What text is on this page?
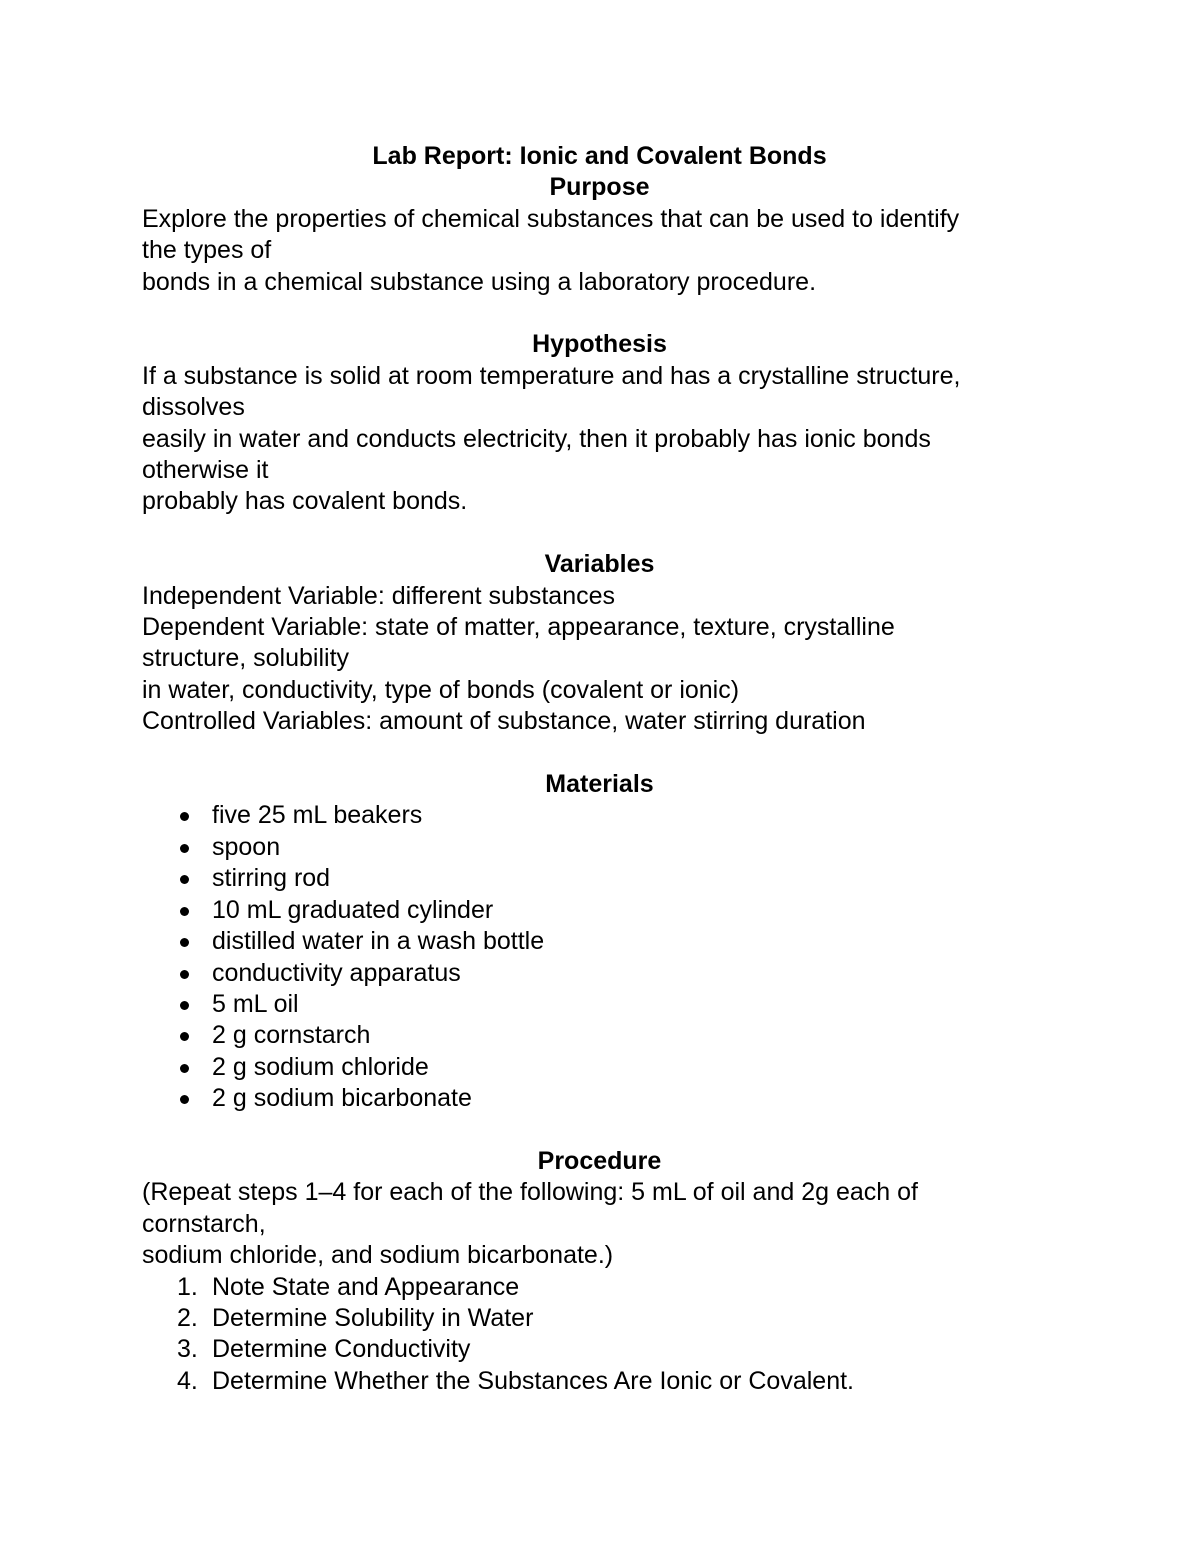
Lab Report: Ionic and Covalent Bonds

Purpose

Explore the properties of chemical substances that can be used to identify

the types of

bonds in a chemical substance using a laboratory procedure.

Hypothesis

If a substance is solid at room temperature and has a crystalline structure,

dissolves

easily in water and conducts electricity, then it probably has ionic bonds

otherwise it

probably has covalent bonds.

Variables

Independent Variable: different substances

Dependent Variable: state of matter, appearance, texture, crystalline

structure, solubility

in water, conductivity, type of bonds (covalent or ionic)

Controlled Variables: amount of substance, water stirring duration

Materials

five 25 mL beakers
spoon
stirring rod
10 mL graduated cylinder
distilled water in a wash bottle
conductivity apparatus
5 mL oil
2 g cornstarch
2 g sodium chloride
2 g sodium bicarbonate

Procedure

(Repeat steps 1–4 for each of the following: 5 mL of oil and 2g each of

cornstarch,

sodium chloride, and sodium bicarbonate.)

1. Note State and Appearance
2. Determine Solubility in Water
3. Determine Conductivity
4. Determine Whether the Substances Are Ionic or Covalent.
